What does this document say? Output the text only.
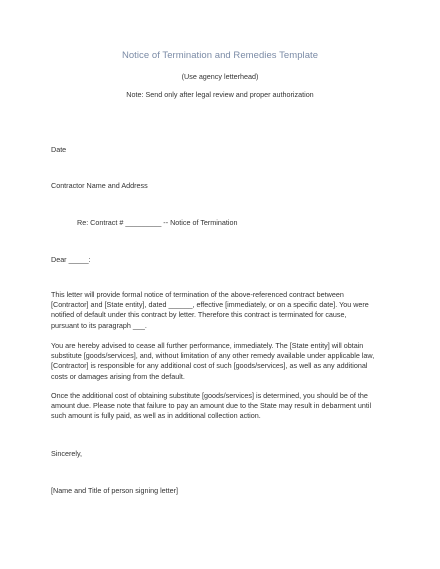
Notice of Termination and Remedies Template
(Use agency letterhead)
Note: Send only after legal review and proper authorization
Date
Contractor Name and Address
Re: Contract # _________ -- Notice of Termination
Dear _____:
This letter will provide formal notice of termination of the above-referenced contract between
[Contractor] and [State entity], dated ______, effective [immediately, or on a specific date]. You were
notified of default under this contract by letter. Therefore this contract is terminated for cause,
pursuant to its paragraph ___.
You are hereby advised to cease all further performance, immediately. The [State entity] will obtain
substitute [goods/services], and, without limitation of any other remedy available under applicable law,
[Contractor] is responsible for any additional cost of such [goods/services], as well as any additional
costs or damages arising from the default.
Once the additional cost of obtaining substitute [goods/services] is determined, you should be of the
amount due. Please note that failure to pay an amount due to the State may result in debarment until
such amount is fully paid, as well as in additional collection action.
Sincerely,
[Name and Title of person signing letter]
